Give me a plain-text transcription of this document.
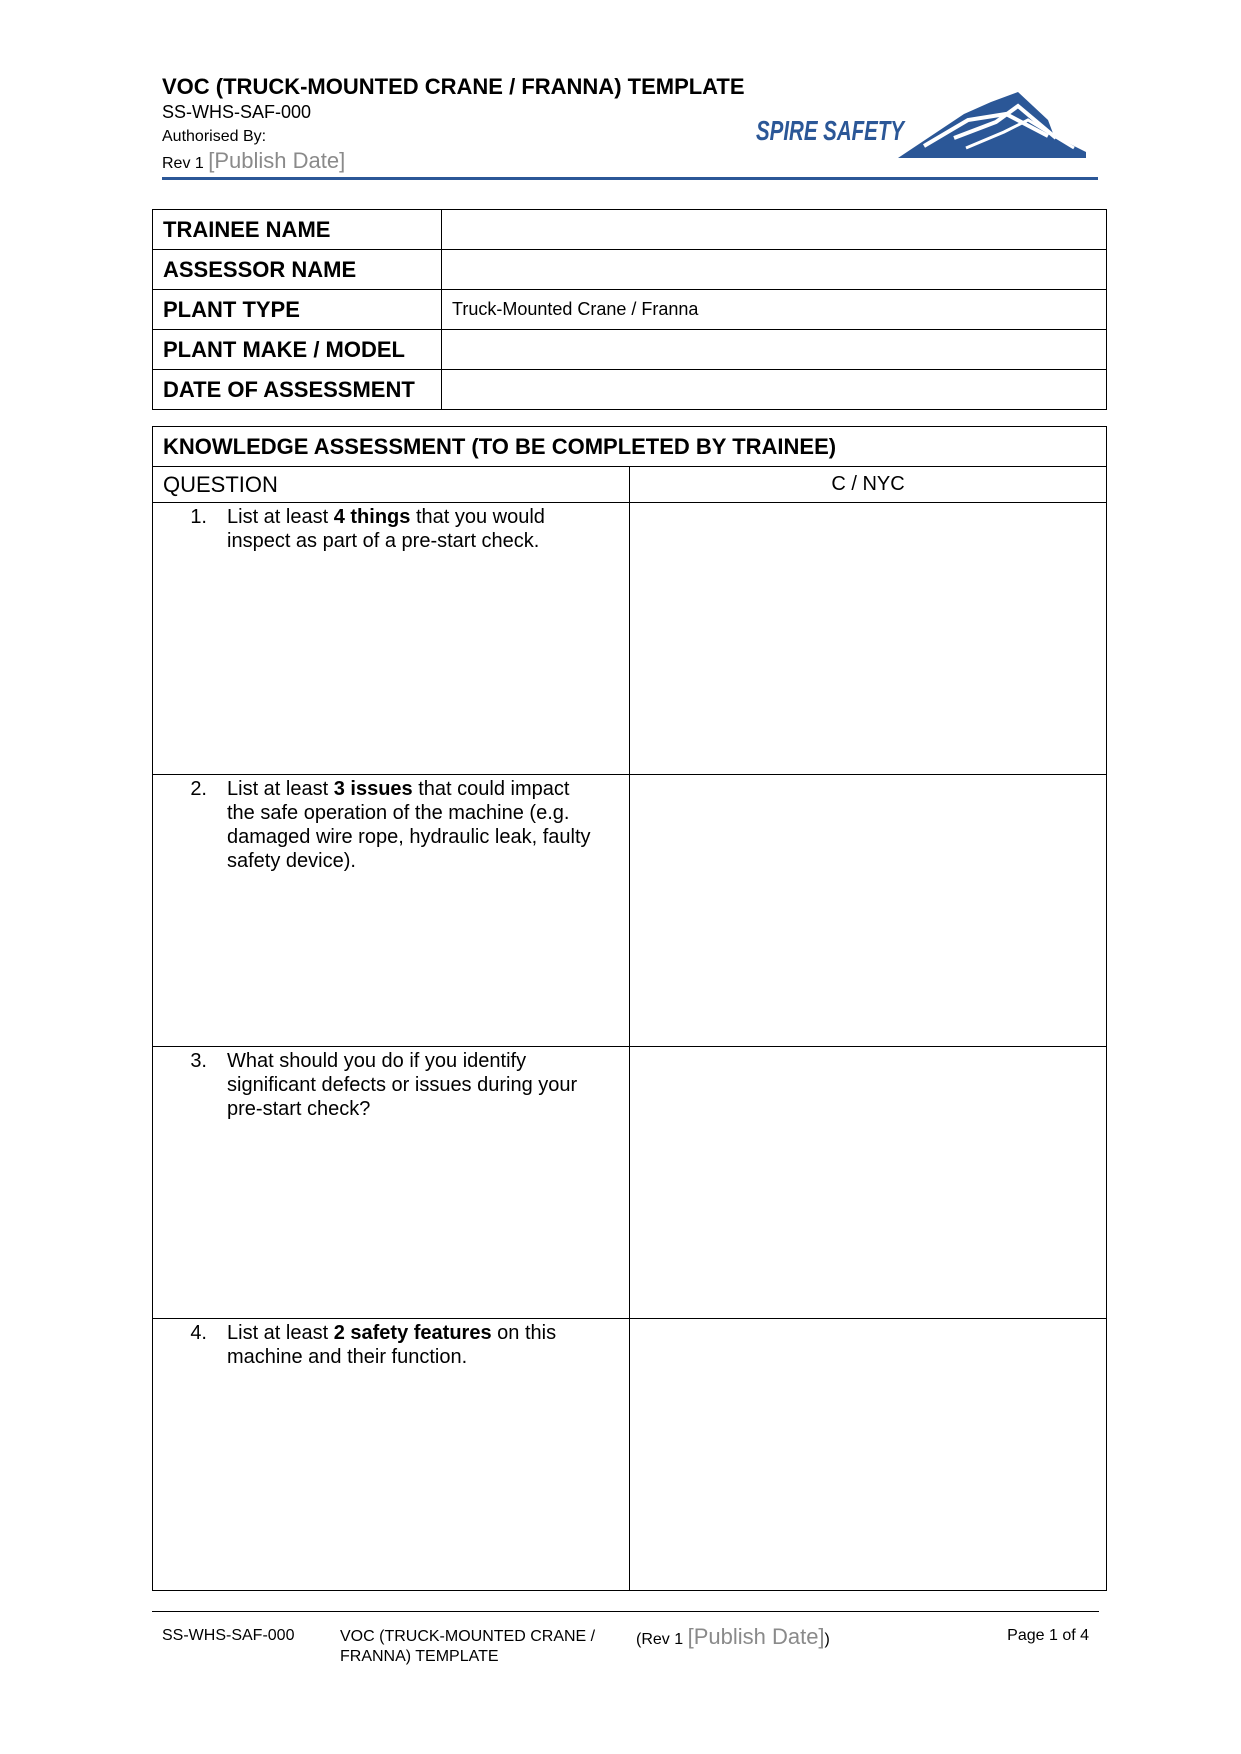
VOC (TRUCK-MOUNTED CRANE / FRANNA) TEMPLATE
SS-WHS-SAF-000
Authorised By:
Rev 1 [Publish Date]
SPIRE SAFETY
TRAINEE NAME	
ASSESSOR NAME	
PLANT TYPE	Truck-Mounted Crane / Franna
PLANT MAKE / MODEL	
DATE OF ASSESSMENT	
KNOWLEDGE ASSESSMENT (TO BE COMPLETED BY TRAINEE)	
QUESTION	C / NYC

1. List at least 4 things that you would inspect as part of a pre-start check.	

2. List at least 3 issues that could impact the safe operation of the machine (e.g. damaged wire rope, hydraulic leak, faulty safety device).	

3. What should you do if you identify significant defects or issues during your pre-start check?	

4. List at least 2 safety features on this machine and their function.	

SS-WHS-SAF-000	VOC (TRUCK-MOUNTED CRANE /
FRANNA) TEMPLATE
(Rev 1 [Publish Date])	Page 1 of 4
